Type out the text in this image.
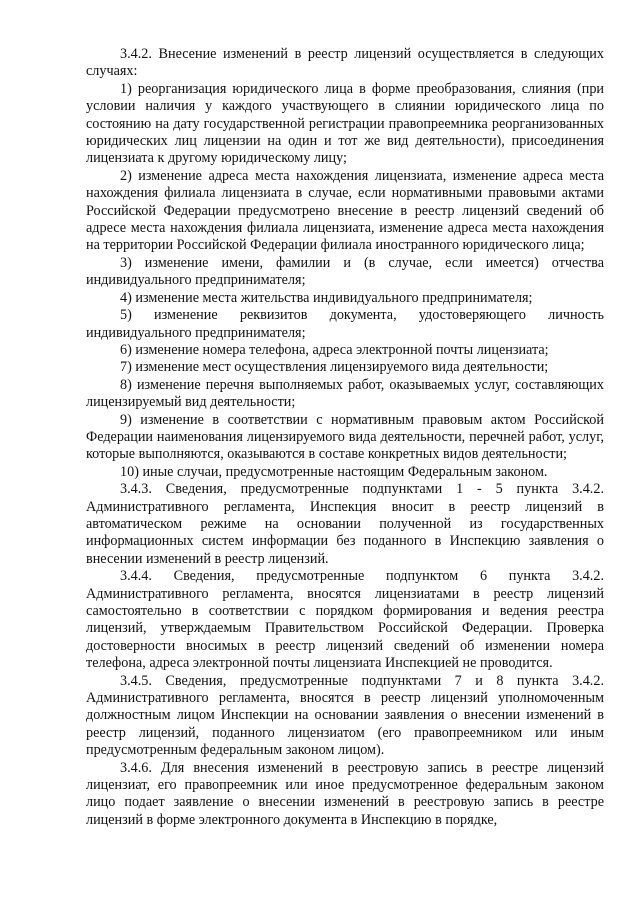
3.4.2. Внесение изменений в реестр лицензий осуществляется в следующих случаях:

1) реорганизация юридического лица в форме преобразования, слияния (при условии наличия у каждого участвующего в слиянии юридического лица по состоянию на дату государственной регистрации правопреемника реорганизованных юридических лиц лицензии на один и тот же вид деятельности), присоединения лицензиата к другому юридическому лицу;

2) изменение адреса места нахождения лицензиата, изменение адреса места нахождения филиала лицензиата в случае, если нормативными правовыми актами Российской Федерации предусмотрено внесение в реестр лицензий сведений об адресе места нахождения филиала лицензиата, изменение адреса места нахождения на территории Российской Федерации филиала иностранного юридического лица;

3) изменение имени, фамилии и (в случае, если имеется) отчества индивидуального предпринимателя;

4) изменение места жительства индивидуального предпринимателя;

5) изменение реквизитов документа, удостоверяющего личность индивидуального предпринимателя;

6) изменение номера телефона, адреса электронной почты лицензиата;

7) изменение мест осуществления лицензируемого вида деятельности;

8) изменение перечня выполняемых работ, оказываемых услуг, составляющих лицензируемый вид деятельности;

9) изменение в соответствии с нормативным правовым актом Российской Федерации наименования лицензируемого вида деятельности, перечней работ, услуг, которые выполняются, оказываются в составе конкретных видов деятельности;

10) иные случаи, предусмотренные настоящим Федеральным законом.

3.4.3. Сведения, предусмотренные подпунктами 1 - 5 пункта 3.4.2. Административного регламента, Инспекция вносит в реестр лицензий в автоматическом режиме на основании полученной из государственных информационных систем информации без поданного в Инспекцию заявления о внесении изменений в реестр лицензий.

3.4.4. Сведения, предусмотренные подпунктом 6 пункта 3.4.2. Административного регламента, вносятся лицензиатами в реестр лицензий самостоятельно в соответствии с порядком формирования и ведения реестра лицензий, утверждаемым Правительством Российской Федерации. Проверка достоверности вносимых в реестр лицензий сведений об изменении номера телефона, адреса электронной почты лицензиата Инспекцией не проводится.

3.4.5. Сведения, предусмотренные подпунктами 7 и 8 пункта 3.4.2. Административного регламента, вносятся в реестр лицензий уполномоченным должностным лицом Инспекции на основании заявления о внесении изменений в реестр лицензий, поданного лицензиатом (его правопреемником или иным предусмотренным федеральным законом лицом).

3.4.6. Для внесения изменений в реестровую запись в реестре лицензий лицензиат, его правопреемник или иное предусмотренное федеральным законом лицо подает заявление о внесении изменений в реестровую запись в реестре лицензий в форме электронного документа в Инспекцию в порядке,
